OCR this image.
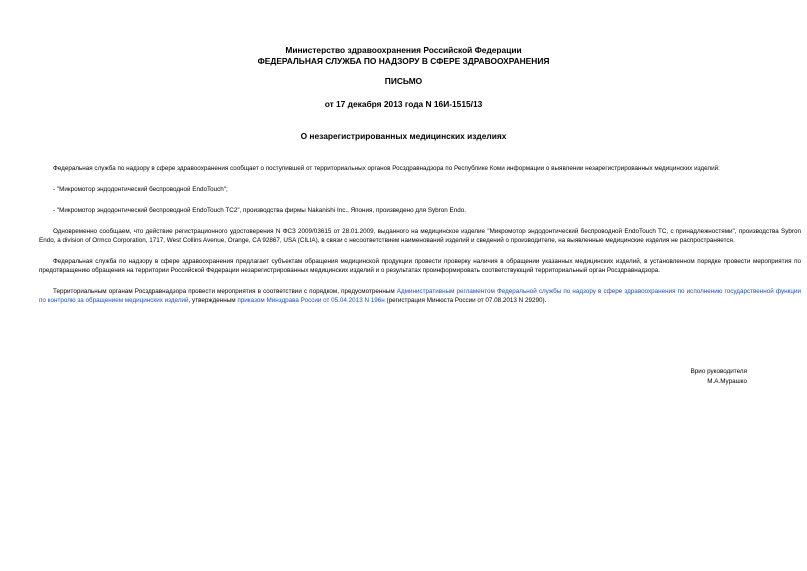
Министерство здравоохранения Российской Федерации
ФЕДЕРАЛЬНАЯ СЛУЖБА ПО НАДЗОРУ В СФЕРЕ ЗДРАВООХРАНЕНИЯ
ПИСЬМО
от 17 декабря 2013 года N 16И-1515/13
О незарегистрированных медицинских изделиях

Федеральная служба по надзору в сфере здравоохранения сообщает о поступившей от территориальных органов Росздравнадзора по Республике Коми информации о выявлении незарегистрированных медицинских изделий:

- "Микромотор эндодонтический беспроводной EndoTouch";

- "Микромотор эндодонтический беспроводной EndoTouch TC2", производства фирмы Nakanishi Inc., Япония, произведено для Sybron Endo.

Одновременно сообщаем, что действие регистрационного удостоверения N ФСЗ 2009/03615 от 28.01.2009, выданного на медицинское изделие "Микромотор эндодонтический беспроводной EndoTouch TC, с принадлежностями", производства Sybron Endo, a division of Ormco Corporation, 1717, West Collins Avenue, Orange, CA 92867, USA (CILIA), в связи с несоответствием наименований изделий и сведений о производителе, на выявленные медицинские изделия не распространяется.

Федеральная служба по надзору в сфере здравоохранения предлагает субъектам обращения медицинской продукции провести проверку наличия в обращении указанных медицинских изделий, в установленном порядке провести мероприятия по предотвращению обращения на территории Российской Федерации незарегистрированных медицинских изделий и о результатах проинформировать соответствующий территориальный орган Росздравнадзора.

Территориальным органам Росздравнадзора провести мероприятия в соответствии с порядком, предусмотренным Административным регламентом Федеральной службы по надзору в сфере здравоохранения по исполнению государственной функции по контролю за обращением медицинских изделий, утвержденным приказом Минздрава России от 05.04.2013 N 196н (регистрация Минюста России от 07.08.2013 N 29290).

Врио руководителя
М.А.Мурашко
